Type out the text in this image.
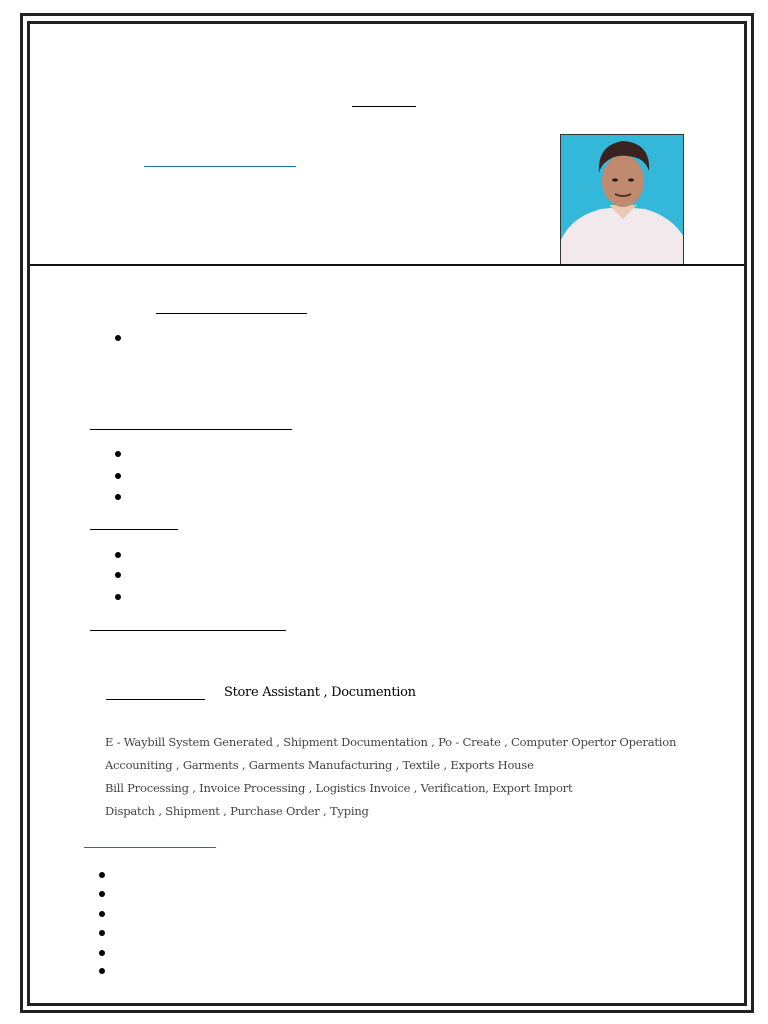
Store Assistant , Documention
E - Waybill System Generated , Shipment Documentation , Po - Create , Computer Opertor Operation
Accouniting , Garments , Garments Manufacturing , Textile , Exports House
Bill Processing , Invoice Processing , Logistics Invoice , Verification, Export Import
Dispatch , Shipment , Purchase Order , Typing
